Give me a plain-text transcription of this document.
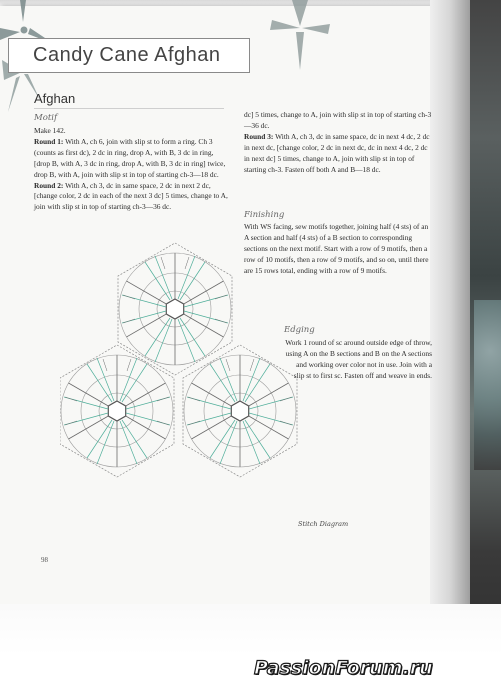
Candy Cane Afghan
Afghan
Motif
Make 142.
Round 1: With A, ch 6, join with slip st to form a ring. Ch 3 (counts as first dc), 2 dc in ring, drop A, with B, 3 dc in ring, [drop B, with A, 3 dc in ring, drop A, with B, 3 dc in ring] twice, drop B, with A, join with slip st in top of starting ch-3—18 dc.
Round 2: With A, ch 3, dc in same space, 2 dc in next 2 dc, [change color, 2 dc in each of the next 3 dc] 5 times, change to A, join with slip st in top of starting ch-3—36 dc.
dc] 5 times, change to A, join with slip st in top of starting ch-3—36 dc.
Round 3: With A, ch 3, dc in same space, dc in next 4 dc, 2 dc in next dc, [change color, 2 dc in next dc, dc in next 4 dc, 2 dc in next dc] 5 times, change to A, join with slip st in top of starting ch-3. Fasten off both A and B—18 dc.
Finishing
With WS facing, sew motifs together, joining half (4 sts) of an A section and half (4 sts) of a B section to corresponding sections on the next motif. Start with a row of 9 motifs, then a row of 10 motifs, then a row of 9 motifs, and so on, until there are 15 rows total, ending with a row of 9 motifs.
Edging
Work 1 round of sc around outside edge of throw, using A on the B sections and B on the A sections and working over color not in use. Join with a slip st to first sc. Fasten off and weave in ends.
Stitch Diagram
98
PassionForum.ru
